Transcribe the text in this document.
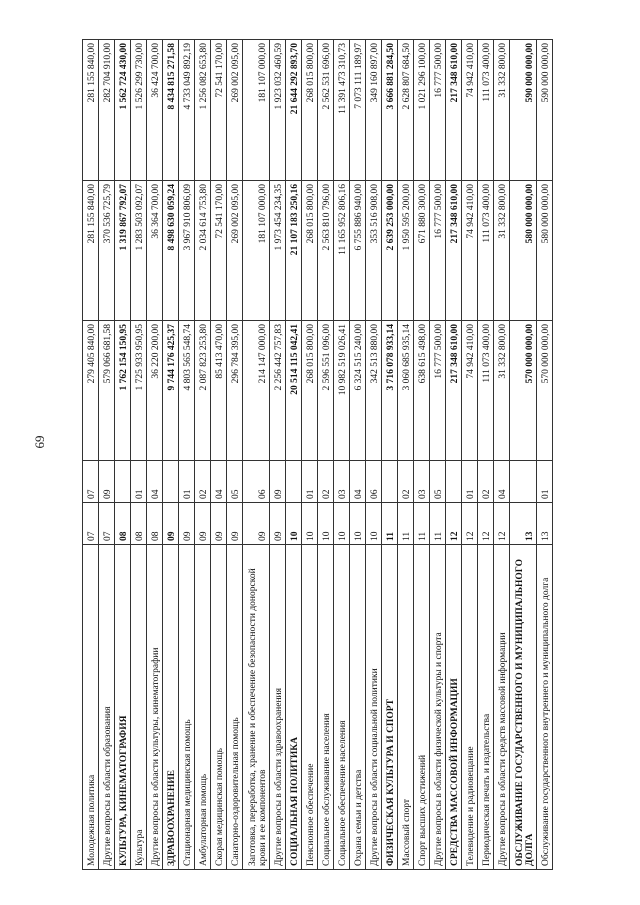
69
Молодежная политика	07	07	279 405 840,00	281 155 840,00	281 155 840,00
Другие вопросы в области образования	07	09	579 066 681,58	370 536 725,79	282 704 910,00
КУЛЬТУРА, КИНЕМАТОГРАФИЯ	08		1 762 154 150,95	1 319 867 792,07	1 562 724 430,00
Культура	08	01	1 725 933 950,95	1 283 503 092,07	1 526 299 730,00
Другие вопросы в области культуры, кинематографии	08	04	36 220 200,00	36 364 700,00	36 424 700,00
ЗДРАВООХРАНЕНИЕ	09		9 744 176 425,37	8 498 630 059,24	8 434 815 271,58
Стационарная медицинская помощь	09	01	4 803 565 548,74	3 967 910 806,09	4 733 049 892,19
Амбулаторная помощь	09	02	2 087 823 253,80	2 034 614 753,80	1 256 082 653,80
Скорая медицинская помощь	09	04	85 413 470,00	72 541 170,00	72 541 170,00
Санаторно-оздоровительная помощь	09	05	296 784 395,00	269 002 095,00	269 002 095,00
Заготовка, переработка, хранение и обеспечение безопасности донорской крови и ее компонентов	09	06	214 147 000,00	181 107 000,00	181 107 000,00
Другие вопросы в области здравоохранения	09	09	2 256 442 757,83	1 973 454 234,35	1 923 032 460,59
СОЦИАЛЬНАЯ ПОЛИТИКА	10		20 514 115 042,41	21 107 183 250,16	21 644 292 893,70
Пенсионное обеспечение	10	01	268 015 800,00	268 015 800,00	268 015 800,00
Социальное обслуживание населения	10	02	2 596 551 096,00	2 563 810 796,00	2 562 531 696,00
Социальное обеспечение населения	10	03	10 982 519 026,41	11 165 952 806,16	11 391 473 310,73
Охрана семьи и детства	10	04	6 324 515 240,00	6 755 886 940,00	7 073 111 189,97
Другие вопросы в области социальной политики	10	06	342 513 880,00	353 516 908,00	349 160 897,00
ФИЗИЧЕСКАЯ КУЛЬТУРА И СПОРТ	11		3 716 078 933,14	2 639 253 000,00	3 666 881 284,50
Массовый спорт	11	02	3 060 685 935,14	1 950 595 200,00	2 628 807 684,50
Спорт высших достижений	11	03	638 615 498,00	671 880 300,00	1 021 296 100,00
Другие вопросы в области физической культуры и спорта	11	05	16 777 500,00	16 777 500,00	16 777 500,00
СРЕДСТВА МАССОВОЙ ИНФОРМАЦИИ	12		217 348 610,00	217 348 610,00	217 348 610,00
Телевидение и радиовещание	12	01	74 942 410,00	74 942 410,00	74 942 410,00
Периодическая печать и издательства	12	02	111 073 400,00	111 073 400,00	111 073 400,00
Другие вопросы в области средств массовой информации	12	04	31 332 800,00	31 332 800,00	31 332 800,00
ОБСЛУЖИВАНИЕ ГОСУДАРСТВЕННОГО И МУНИЦИПАЛЬНОГО ДОЛГА	13		570 000 000,00	580 000 000,00	590 000 000,00
Обслуживание государственного внутреннего и муниципального долга	13	01	570 000 000,00	580 000 000,00	590 000 000,00
